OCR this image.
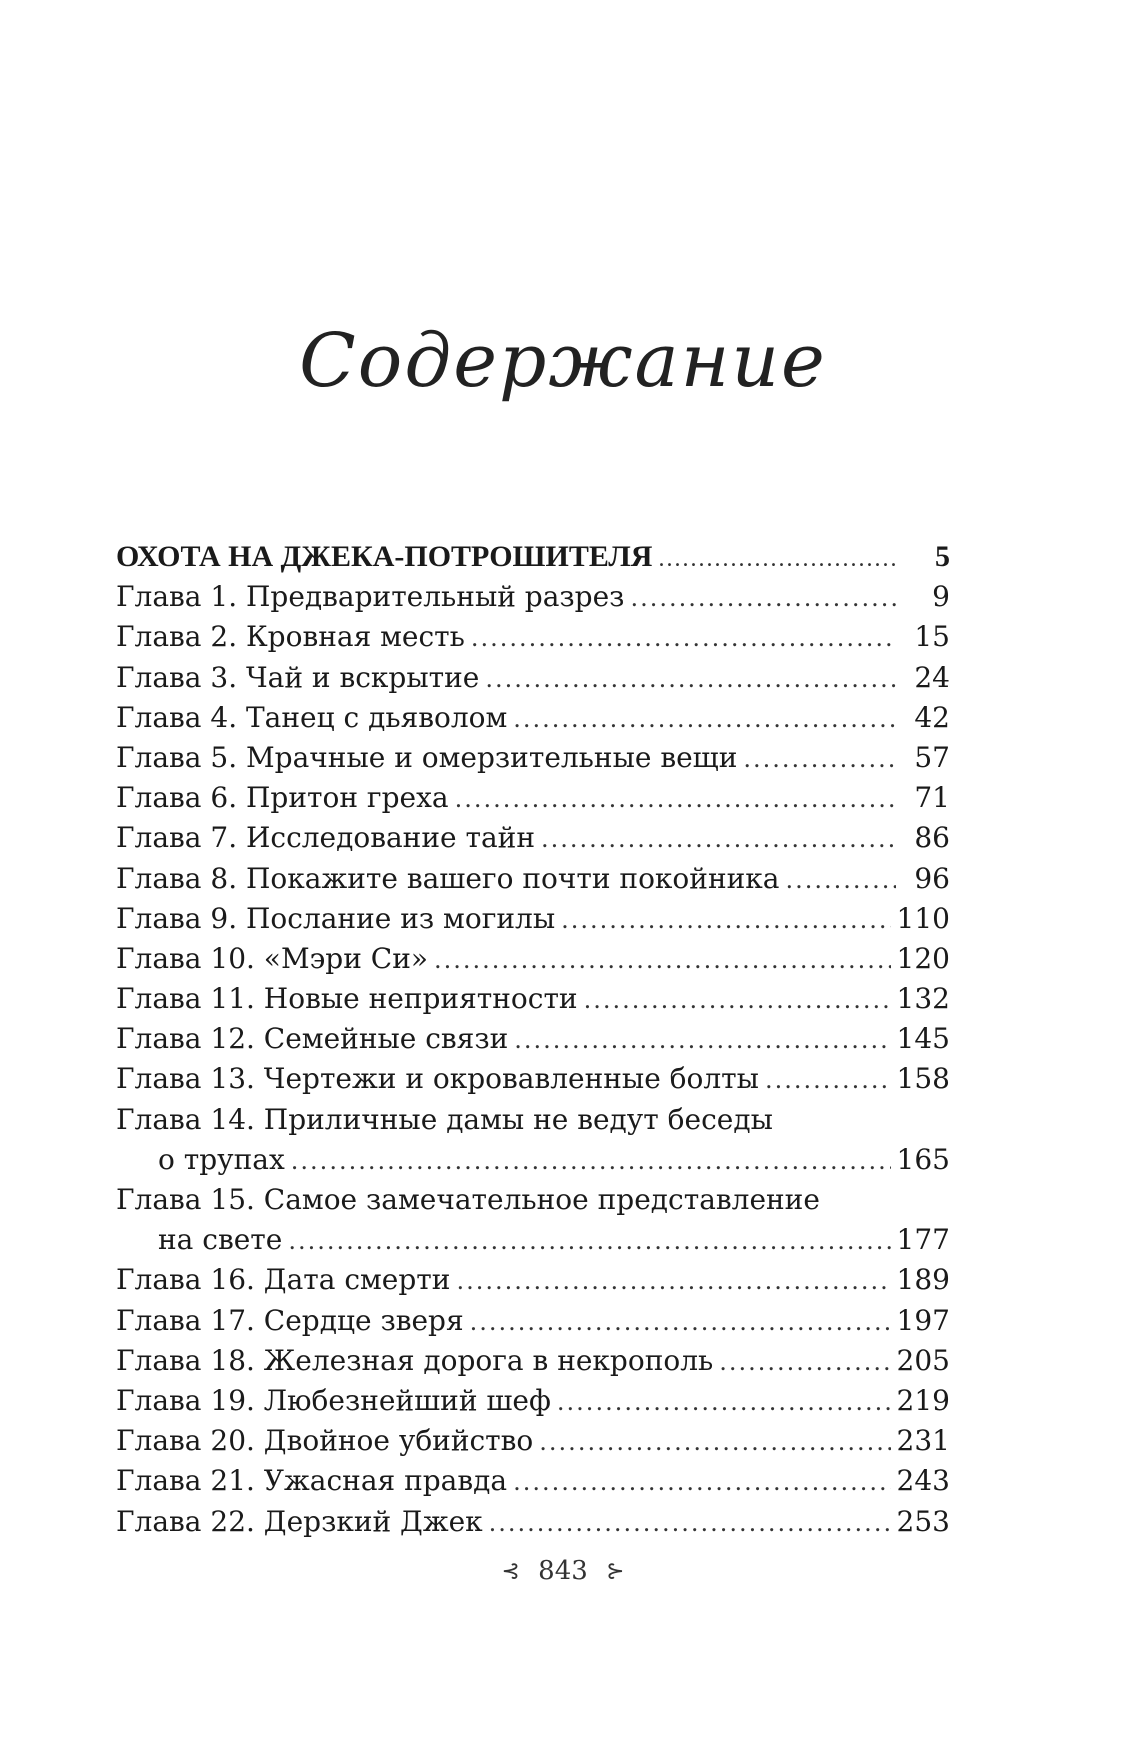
Содержание
ОХОТА НА ДЖЕКА-ПОТРОШИТЕЛЯ .....	5
Глава 1. Предварительный разрез .....	9
Глава 2. Кровная месть .....	15
Глава 3. Чай и вскрытие .....	24
Глава 4. Танец с дьяволом .....	42
Глава 5. Мрачные и омерзительные вещи .....	57
Глава 6. Притон греха .....	71
Глава 7. Исследование тайн .....	86
Глава 8. Покажите вашего почти покойника .....	96
Глава 9. Послание из могилы .....	110
Глава 10. «Мэри Си» .....	120
Глава 11. Новые неприятности .....	132
Глава 12. Семейные связи .....	145
Глава 13. Чертежи и окровавленные болты .....	158
Глава 14. Приличные дамы не ведут беседы
о трупах .....	165
Глава 15. Самое замечательное представление
на свете .....	177
Глава 16. Дата смерти .....	189
Глава 17. Сердце зверя .....	197
Глава 18. Железная дорога в некрополь .....	205
Глава 19. Любезнейший шеф .....	219
Глава 20. Двойное убийство .....	231
Глава 21. Ужасная правда .....	243
Глава 22. Дерзкий Джек .....	253
⊰ 843 ⊱
